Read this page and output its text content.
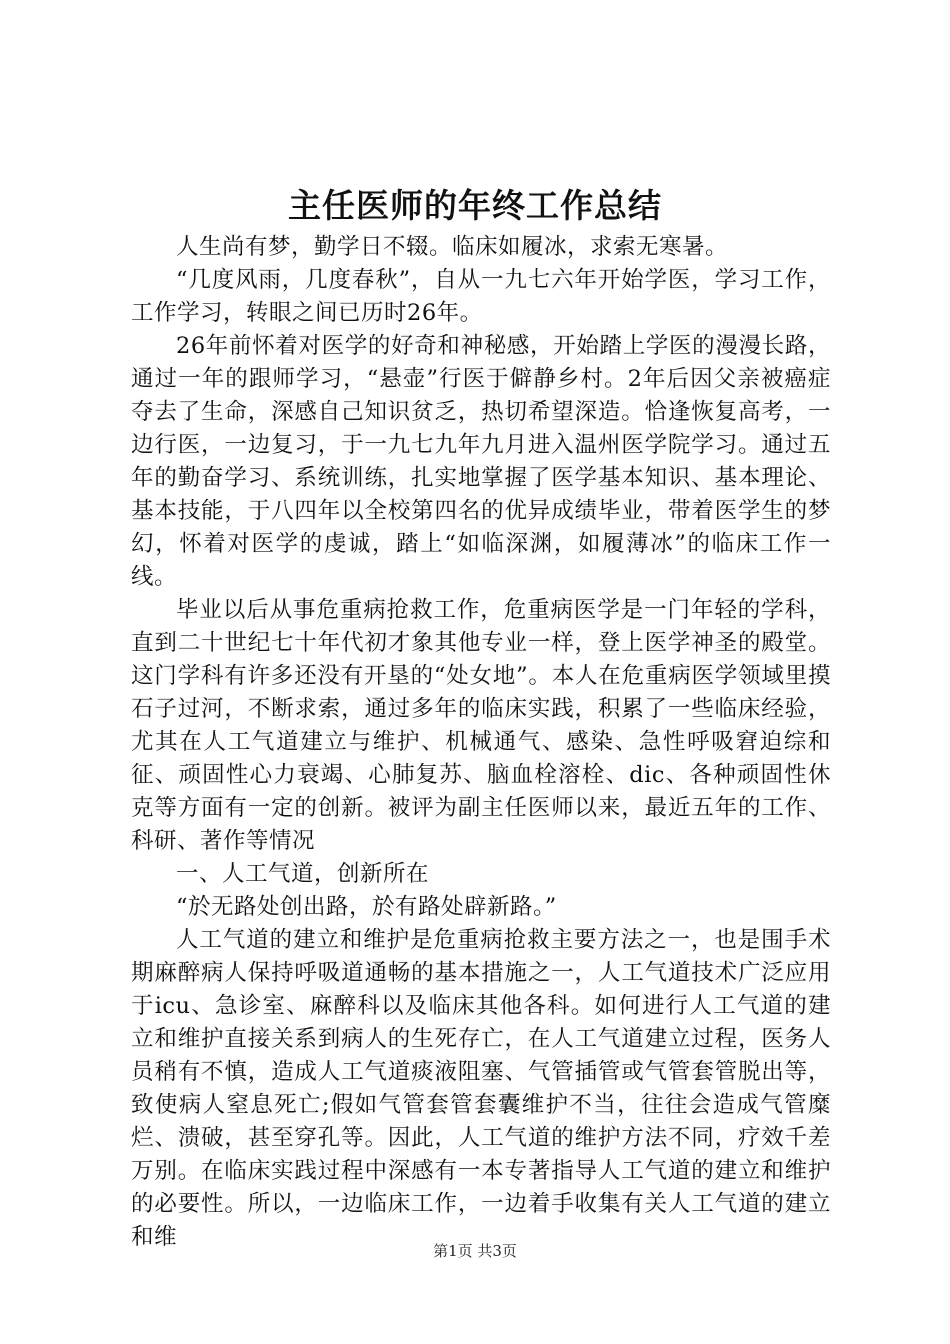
主任医师的年终工作总结

人生尚有梦，勤学日不辍。临床如履冰，求索无寒暑。

“几度风雨，几度春秋”，自从一九七六年开始学医，学习工作，工作学习，转眼之间已历时26年。

26年前怀着对医学的好奇和神秘感，开始踏上学医的漫漫长路，通过一年的跟师学习，“悬壶”行医于僻静乡村。2年后因父亲被癌症夺去了生命，深感自己知识贫乏，热切希望深造。恰逢恢复高考，一边行医，一边复习，于一九七九年九月进入温州医学院学习。通过五年的勤奋学习、系统训练，扎实地掌握了医学基本知识、基本理论、基本技能，于八四年以全校第四名的优异成绩毕业，带着医学生的梦幻，怀着对医学的虔诚，踏上“如临深渊，如履薄冰”的临床工作一线。

毕业以后从事危重病抢救工作，危重病医学是一门年轻的学科，直到二十世纪七十年代初才象其他专业一样，登上医学神圣的殿堂。这门学科有许多还没有开垦的“处女地”。本人在危重病医学领域里摸石子过河，不断求索，通过多年的临床实践，积累了一些临床经验，尤其在人工气道建立与维护、机械通气、感染、急性呼吸窘迫综和征、顽固性心力衰竭、心肺复苏、脑血栓溶栓、dic、各种顽固性休克等方面有一定的创新。被评为副主任医师以来，最近五年的工作、科研、著作等情况

一、人工气道，创新所在

“於无路处创出路，於有路处辟新路。”

人工气道的建立和维护是危重病抢救主要方法之一，也是围手术期麻醉病人保持呼吸道通畅的基本措施之一，人工气道技术广泛应用于icu、急诊室、麻醉科以及临床其他各科。如何进行人工气道的建立和维护直接关系到病人的生死存亡，在人工气道建立过程，医务人员稍有不慎，造成人工气道痰液阻塞、气管插管或气管套管脱出等，致使病人窒息死亡;假如气管套管套囊维护不当，往往会造成气管糜烂、溃破，甚至穿孔等。因此，人工气道的维护方法不同，疗效千差万别。在临床实践过程中深感有一本专著指导人工气道的建立和维护的必要性。所以，一边临床工作，一边着手收集有关人工气道的建立和维

第1页 共3页
